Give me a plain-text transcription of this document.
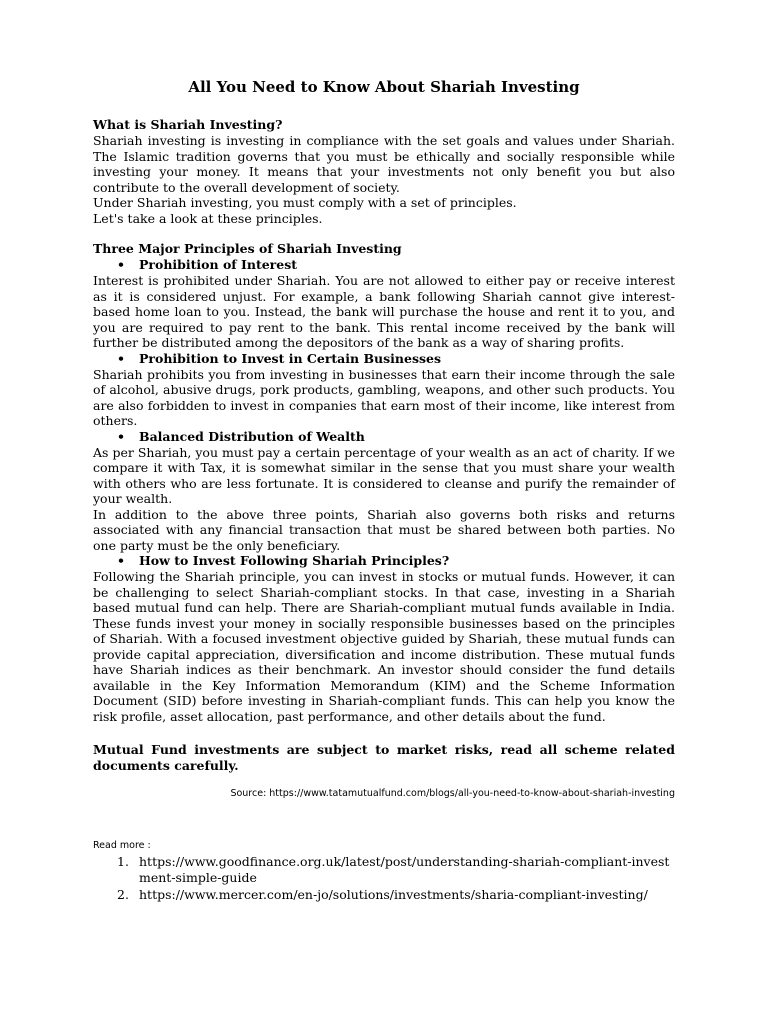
All You Need to Know About Shariah Investing

What is Shariah Investing?

Shariah investing is investing in compliance with the set goals and values under Shariah. The Islamic tradition governs that you must be ethically and socially responsible while investing your money. It means that your investments not only benefit you but also contribute to the overall development of society.

Under Shariah investing, you must comply with a set of principles.

Let's take a look at these principles.

Three Major Principles of Shariah Investing

• Prohibition of Interest

Interest is prohibited under Shariah. You are not allowed to either pay or receive interest as it is considered unjust. For example, a bank following Shariah cannot give interest-based home loan to you. Instead, the bank will purchase the house and rent it to you, and you are required to pay rent to the bank. This rental income received by the bank will further be distributed among the depositors of the bank as a way of sharing profits.

• Prohibition to Invest in Certain Businesses

Shariah prohibits you from investing in businesses that earn their income through the sale of alcohol, abusive drugs, pork products, gambling, weapons, and other such products. You are also forbidden to invest in companies that earn most of their income, like interest from others.

• Balanced Distribution of Wealth

As per Shariah, you must pay a certain percentage of your wealth as an act of charity. If we compare it with Tax, it is somewhat similar in the sense that you must share your wealth with others who are less fortunate. It is considered to cleanse and purify the remainder of your wealth.

In addition to the above three points, Shariah also governs both risks and returns associated with any financial transaction that must be shared between both parties. No one party must be the only beneficiary.

• How to Invest Following Shariah Principles?

Following the Shariah principle, you can invest in stocks or mutual funds. However, it can be challenging to select Shariah-compliant stocks. In that case, investing in a Shariah based mutual fund can help. There are Shariah-compliant mutual funds available in India. These funds invest your money in socially responsible businesses based on the principles of Shariah. With a focused investment objective guided by Shariah, these mutual funds can provide capital appreciation, diversification and income distribution. These mutual funds have Shariah indices as their benchmark. An investor should consider the fund details available in the Key Information Memorandum (KIM) and the Scheme Information Document (SID) before investing in Shariah-compliant funds. This can help you know the risk profile, asset allocation, past performance, and other details about the fund.

Mutual Fund investments are subject to market risks, read all scheme related documents carefully.

Source: https://www.tatamutualfund.com/blogs/all-you-need-to-know-about-shariah-investing

Read more :

1. https://www.goodfinance.org.uk/latest/post/understanding-shariah-compliant-investment-simple-guide
2. https://www.mercer.com/en-jo/solutions/investments/sharia-compliant-investing/
